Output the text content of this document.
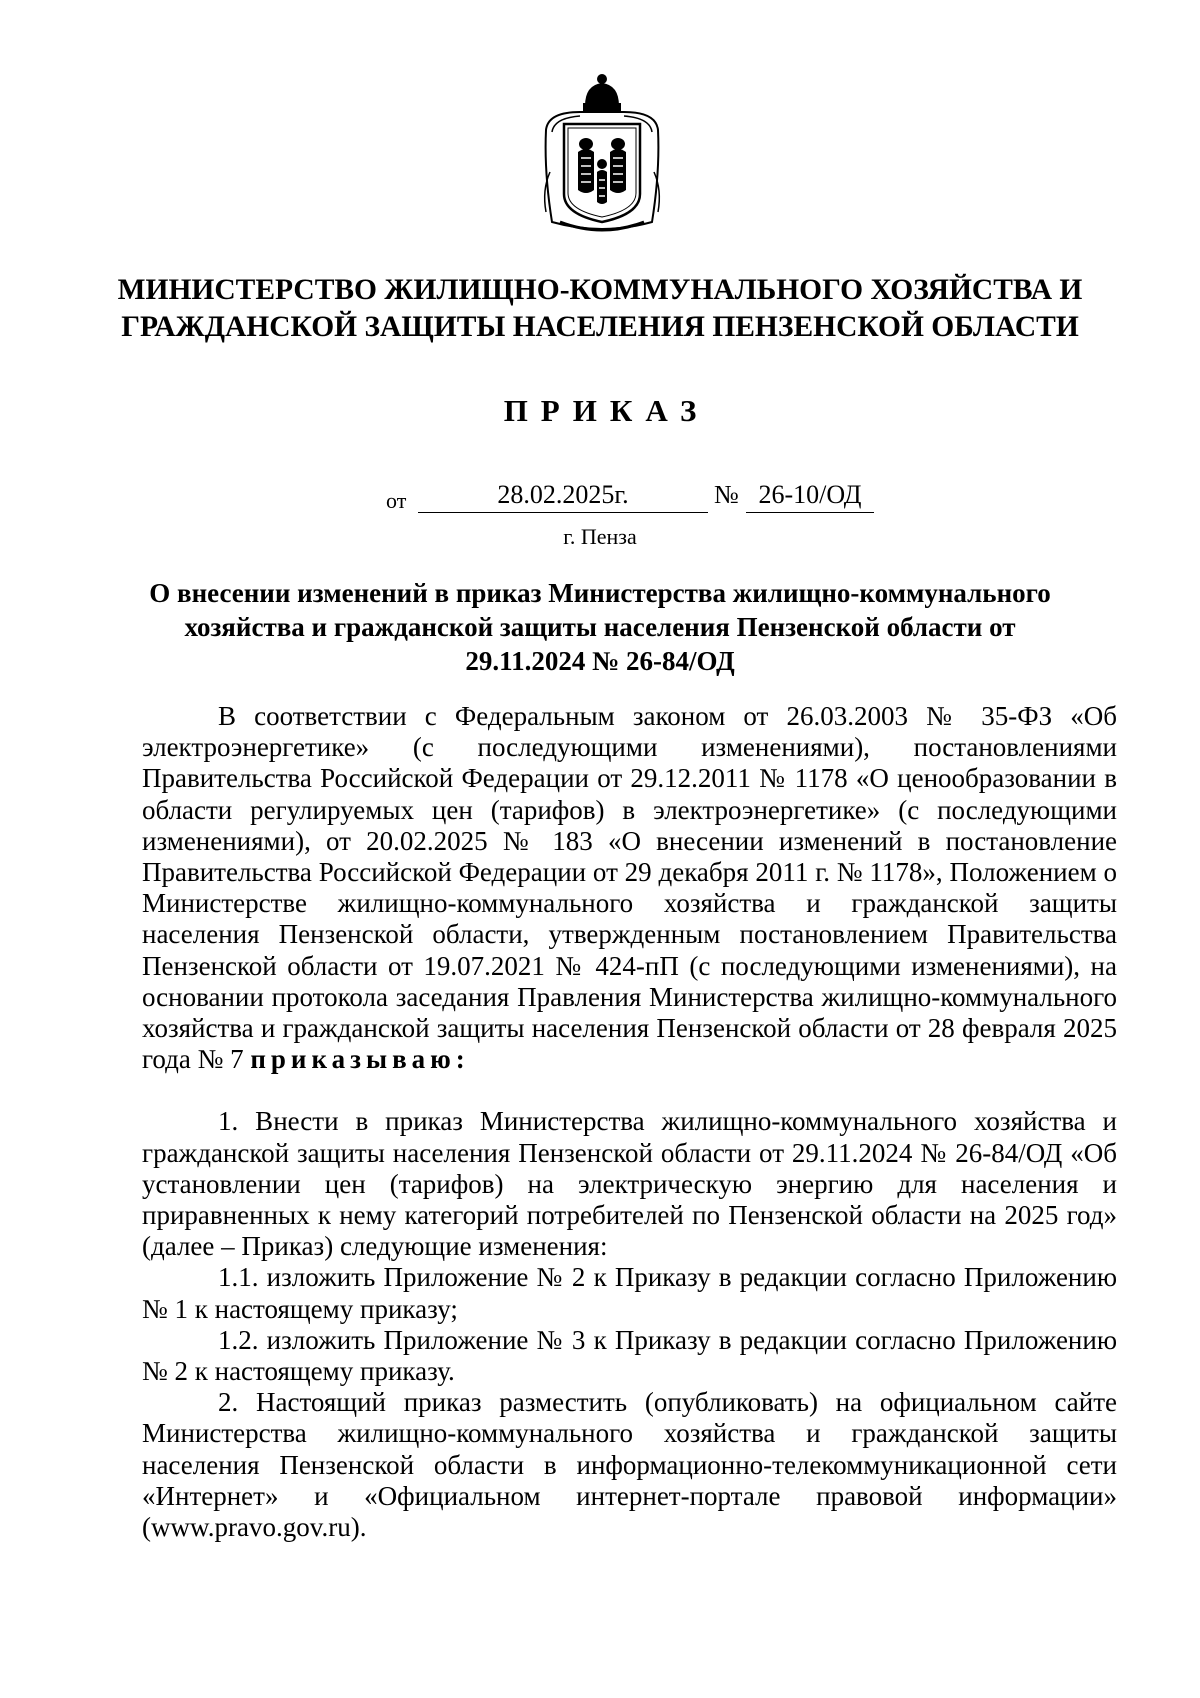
МИНИСТЕРСТВО ЖИЛИЩНО-КОММУНАЛЬНОГО ХОЗЯЙСТВА И
ГРАЖДАНСКОЙ ЗАЩИТЫ НАСЕЛЕНИЯ ПЕНЗЕНСКОЙ ОБЛАСТИ
ПРИКАЗ
от	28.02.2025г.	№ 26-10/ОД
г. Пенза
О внесении изменений в приказ Министерства жилищно-коммунального
хозяйства и гражданской защиты населения Пензенской области от
29.11.2024 № 26-84/ОД

В соответствии с Федеральным законом от 26.03.2003 № 35-ФЗ «Об электроэнергетике» (с последующими изменениями), постановлениями Правительства Российской Федерации от 29.12.2011 № 1178 «О ценообразовании в области регулируемых цен (тарифов) в электроэнергетике» (с последующими изменениями), от 20.02.2025 № 183 «О внесении изменений в постановление Правительства Российской Федерации от 29 декабря 2011 г. № 1178», Положением о Министерстве жилищно-коммунального хозяйства и гражданской защиты населения Пензенской области, утвержденным постановлением Правительства Пензенской области от 19.07.2021 № 424-пП (с последующими изменениями), на основании протокола заседания Правления Министерства жилищно-коммунального хозяйства и гражданской защиты населения Пензенской области от 28 февраля 2025 года № 7 приказываю:

1. Внести в приказ Министерства жилищно-коммунального хозяйства и гражданской защиты населения Пензенской области от 29.11.2024 № 26-84/ОД «Об установлении цен (тарифов) на электрическую энергию для населения и приравненных к нему категорий потребителей по Пензенской области на 2025 год» (далее – Приказ) следующие изменения:

1.1. изложить Приложение № 2 к Приказу в редакции согласно Приложению № 1 к настоящему приказу;

1.2. изложить Приложение № 3 к Приказу в редакции согласно Приложению № 2 к настоящему приказу.

2. Настоящий приказ разместить (опубликовать) на официальном сайте Министерства жилищно-коммунального хозяйства и гражданской защиты населения Пензенской области в информационно-телекоммуникационной сети «Интернет» и «Официальном интернет-портале правовой информации» (www.pravo.gov.ru).
